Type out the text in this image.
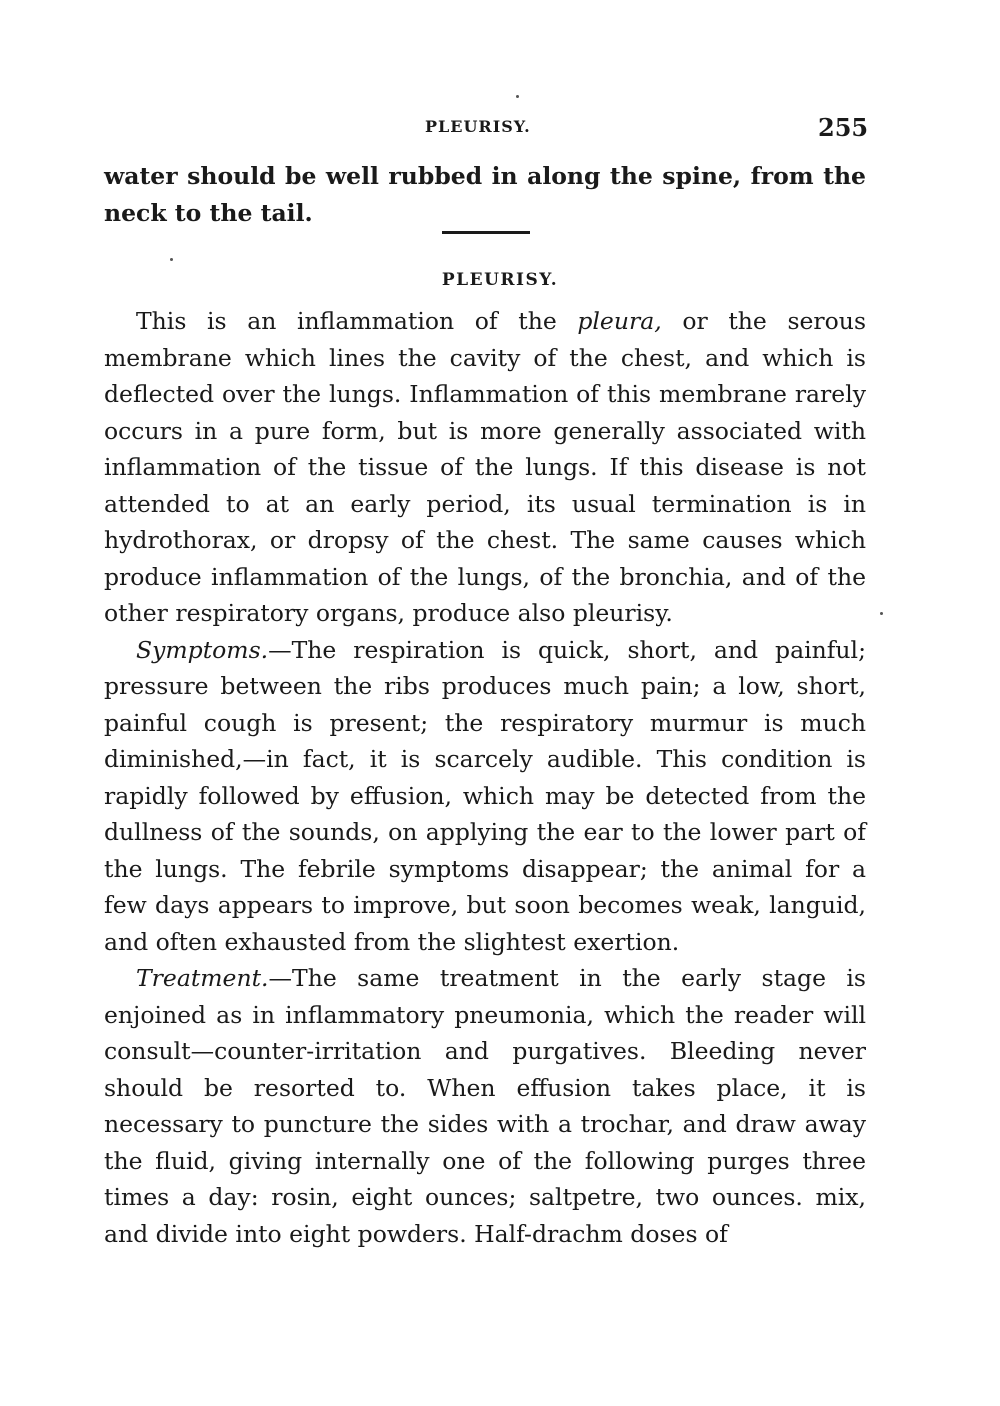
PLEURISY.	255

water should be well rubbed in along the spine, from the neck to the tail.

PLEURISY.

This is an inflammation of the pleura, or the serous membrane which lines the cavity of the chest, and which is deflected over the lungs. Inflammation of this membrane rarely occurs in a pure form, but is more generally associated with inflammation of the tissue of the lungs. If this disease is not attended to at an early period, its usual termination is in hydrothorax, or dropsy of the chest. The same causes which produce inflammation of the lungs, of the bronchia, and of the other respiratory organs, produce also pleurisy.

Symptoms.—The respiration is quick, short, and painful; pressure between the ribs produces much pain; a low, short, painful cough is present; the respiratory murmur is much diminished,—in fact, it is scarcely audible. This condition is rapidly followed by effusion, which may be detected from the dullness of the sounds, on applying the ear to the lower part of the lungs. The febrile symptoms disappear; the animal for a few days appears to improve, but soon becomes weak, languid, and often exhausted from the slightest exertion.

Treatment.—The same treatment in the early stage is enjoined as in inflammatory pneumonia, which the reader will consult—counter-irritation and purgatives. Bleeding never should be resorted to. When effusion takes place, it is necessary to puncture the sides with a trochar, and draw away the fluid, giving internally one of the following purges three times a day: rosin, eight ounces; saltpetre, two ounces. mix, and divide into eight powders. Half-drachm doses of
